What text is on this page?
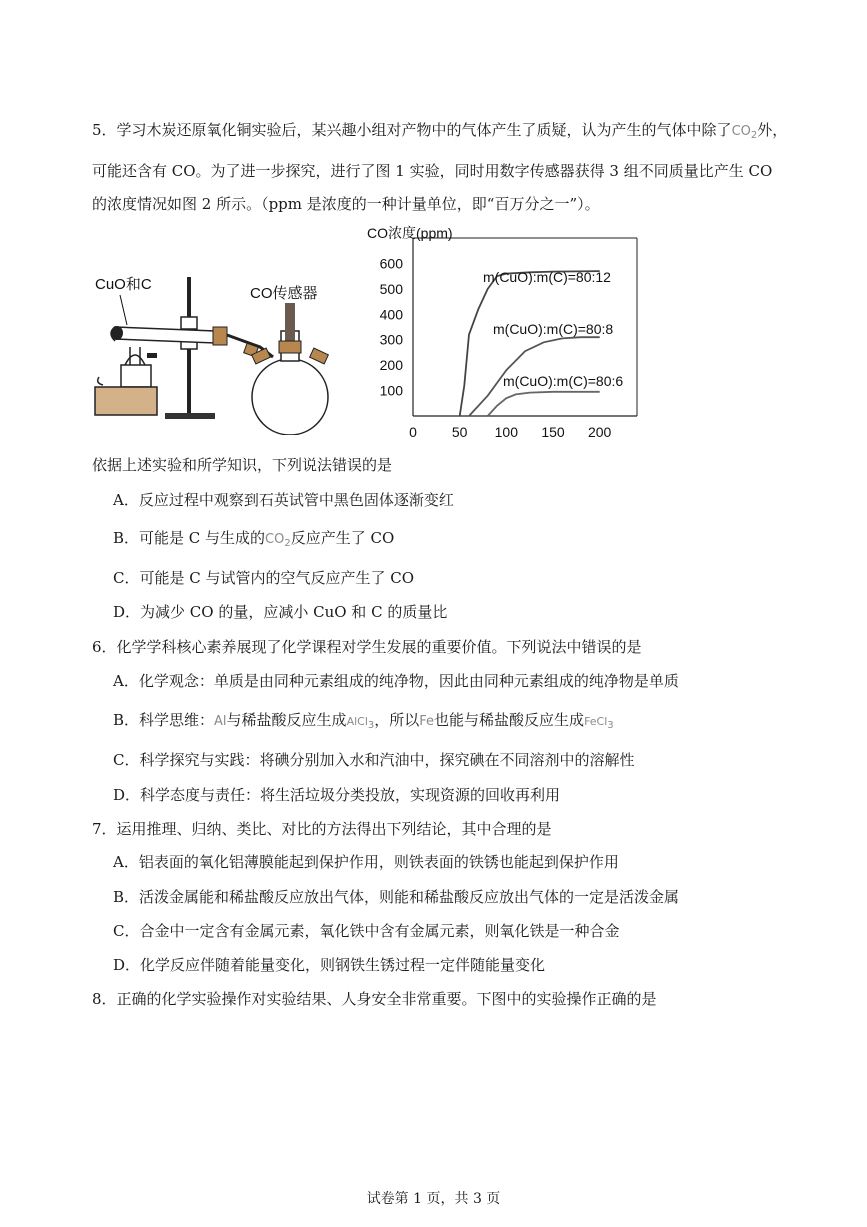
5．学习木炭还原氧化铜实验后，某兴趣小组对产物中的气体产生了质疑，认为产生的气体中除了$CO_2$外，
可能还含有 CO。为了进一步探究，进行了图 1 实验，同时用数字传感器获得 3 组不同质量比产生 CO
的浓度情况如图 2 所示。（ppm 是浓度的一种计量单位，即“百万分之一”）。
CuO和C
CO传感器
CO浓度(ppm)
100
200
300
400
500
600
0 50 100 150 200
m(CuO):m(C)=80:12
m(CuO):m(C)=80:8
m(CuO):m(C)=80:6
依据上述实验和所学知识，下列说法错误的是
A．反应过程中观察到石英试管中黑色固体逐渐变红
B．可能是 C 与生成的$CO_2$反应产生了 CO
C．可能是 C 与试管内的空气反应产生了 CO
D．为减少 CO 的量，应减小 CuO 和 C 的质量比
6．化学学科核心素养展现了化学课程对学生发展的重要价值。下列说法中错误的是
A．化学观念：单质是由同种元素组成的纯净物，因此由同种元素组成的纯净物是单质
B．科学思维：Al与稀盐酸反应生成AlCl3，所以Fe也能与稀盐酸反应生成FeCl3
C．科学探究与实践：将碘分别加入水和汽油中，探究碘在不同溶剂中的溶解性
D．科学态度与责任：将生活垃圾分类投放，实现资源的回收再利用
7．运用推理、归纳、类比、对比的方法得出下列结论，其中合理的是
A．铝表面的氧化铝薄膜能起到保护作用，则铁表面的铁锈也能起到保护作用
B．活泼金属能和稀盐酸反应放出气体，则能和稀盐酸反应放出气体的一定是活泼金属
C．合金中一定含有金属元素，氧化铁中含有金属元素，则氧化铁是一种合金
D．化学反应伴随着能量变化，则钢铁生锈过程一定伴随能量变化
8．正确的化学实验操作对实验结果、人身安全非常重要。下图中的实验操作正确的是
试卷第 1 页，共 3 页
